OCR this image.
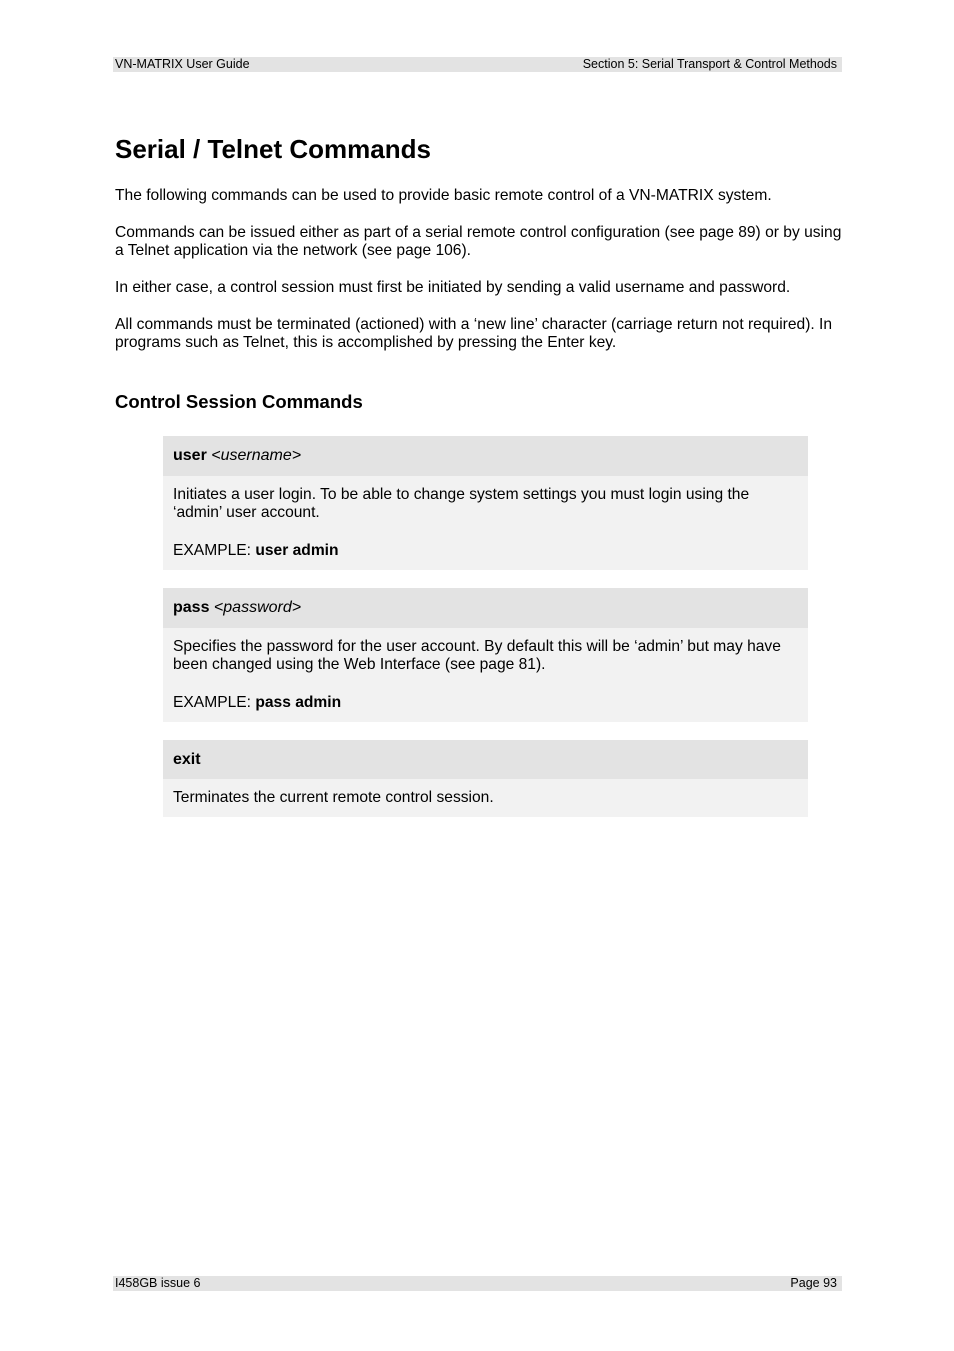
VN-MATRIX User Guide	Section 5: Serial Transport & Control Methods
Serial / Telnet Commands

The following commands can be used to provide basic remote control of a VN-MATRIX system.

Commands can be issued either as part of a serial remote control configuration (see page 89) or by using a Telnet application via the network (see page 106).

In either case, a control session must first be initiated by sending a valid username and password.

All commands must be terminated (actioned) with a ‘new line’ character (carriage return not required). In programs such as Telnet, this is accomplished by pressing the Enter key.

Control Session Commands
user <username>

Initiates a user login. To be able to change system settings you must login using the ‘admin’ user account.

EXAMPLE: user admin

pass <password>

Specifies the password for the user account. By default this will be ‘admin’ but may have been changed using the Web Interface (see page 81).

EXAMPLE: pass admin

exit

Terminates the current remote control session.

I458GB issue 6	Page 93
